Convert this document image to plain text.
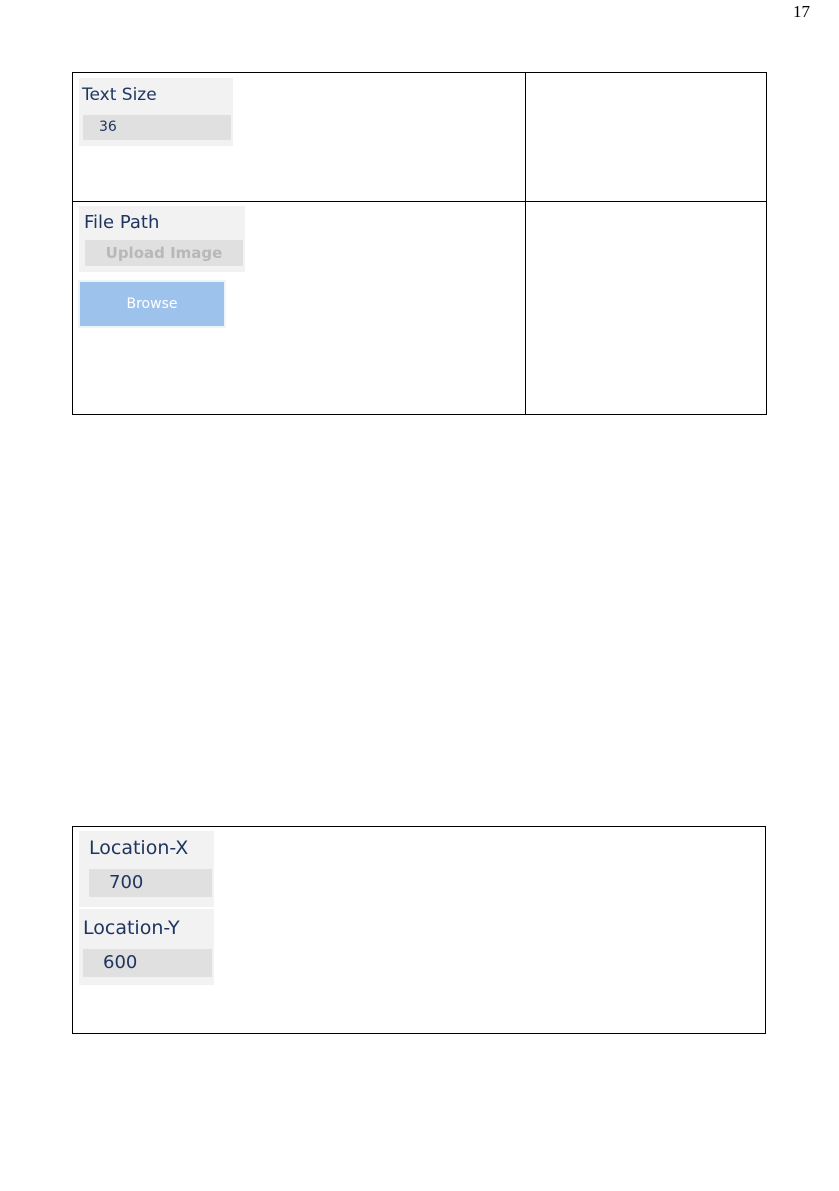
17
Text Size
36	

File Path
Upload Image
Browse	

Location-X
700
Location-Y
600
